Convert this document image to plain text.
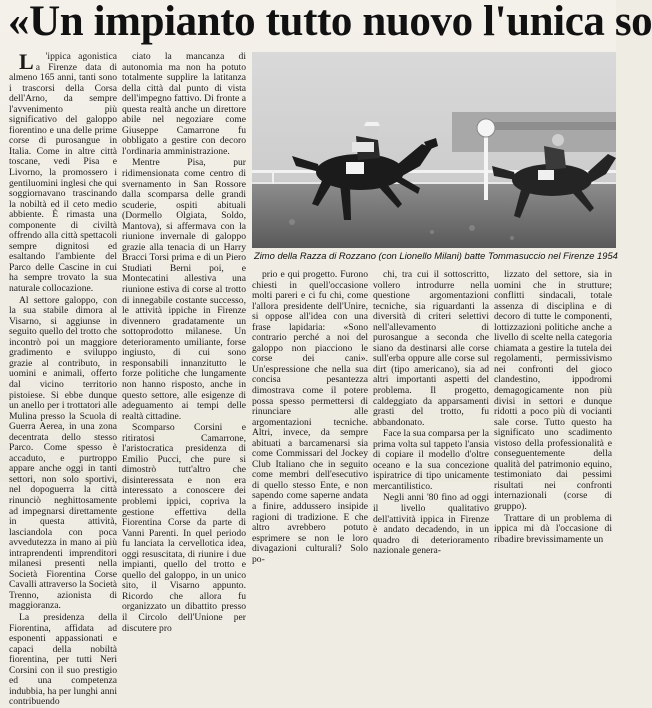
«Un impianto tutto nuovo l'unica so

L 'ippica agonistica a Firenze data di almeno 165 anni, tanti sono i trascorsi della Corsa dell'Arno, da sempre l'avvenimento più significativo del galoppo fiorentino e una delle prime corse di purosangue in Italia. Come in altre città toscane, vedi Pisa e Livorno, la promossero i gentiluomini inglesi che qui soggiornavano trascinando la nobiltà ed il ceto medio abbiente. È rimasta una componente di civiltà offrendo alla città spettacoli sempre dignitosi ed esaltando l'ambiente del Parco delle Cascine in cui ha sempre trovato la sua naturale collocazione.

Al settore galoppo, con la sua stabile dimora al Visarno, si aggiunse in seguito quello del trotto che incontrò poi un maggiore gradimento e sviluppo grazie al contributo, in uomini e animali, offerto dal vicino territorio pistoiese. Si ebbe dunque un anello per i trottatori alle Mulina presso la Scuola di Guerra Aerea, in una zona decentrata dello stesso Parco. Come spesso è accaduto, e purtroppo appare anche oggi in tanti settori, non solo sportivi, nel dopoguerra la città rinunciò neghittosamente ad impegnarsi direttamente in questa attività, lasciandola con poca avvedutezza in mano ai più intraprendenti imprenditori milanesi presenti nella Società Fiorentina Corse Cavalli attraverso la Società Trenno, azionista di maggioranza.

La presidenza della Fiorentina, affidata ad esponenti appassionati e capaci della nobiltà fiorentina, per tutti Neri Corsini con il suo prestigio ed una competenza indubbia, ha per lunghi anni contribuendo

ciato la mancanza di autonomia ma non ha potuto totalmente supplire la latitanza della città dal punto di vista dell'impegno fattivo. Di fronte a questa realtà anche un direttore abile nel negoziare come Giuseppe Camarrone fu obbligato a gestire con decoro l'ordinaria amministrazione.

Mentre Pisa, pur ridimensionata come centro di svernamento in San Rossore dalla scomparsa delle grandi scuderie, ospiti abituali (Dormello Olgiata, Soldo, Mantova), si affermava con la riunione invernale di galoppo grazie alla tenacia di un Harry Bracci Torsi prima e di un Piero Studiati Berni poi, e Montecatini allestiva una riunione estiva di corse al trotto di innegabile costante successo, le attività ippiche in Firenze divennero gradatamente un sottoprodotto milanese. Un deterioramento umiliante, forse ingiusto, di cui sono responsabili innanzitutto le forze politiche che lungamente non hanno risposto, anche in questo settore, alle esigenze di adeguamento ai tempi delle realtà cittadine.

Scomparso Corsini e ritiratosi Camarrone, l'aristocratica presidenza di Emilio Pucci, che pure si dimostrò tutt'altro che disinteressata e non era interessato a conoscere dei problemi ippici, copriva la gestione effettiva della Fiorentina Corse da parte di Vanni Parenti. In quel periodo fu lanciata la cervellotica idea, oggi resuscitata, di riunire i due impianti, quello del trotto e quello del galoppo, in un unico sito, il Visarno appunto. Ricordo che allora fu organizzato un dibattito presso il Circolo dell'Unione per discutere pro

Zimo della Razza di Rozzano (con Lionello Milani) batte Tommasuccio nel Firenze 1954

prio e qui progetto. Furono chiesti in quell'occasione molti pareri e ci fu chi, come l'allora presidente dell'Unire, si oppose all'idea con una frase lapidaria: «Sono contrario perché a noi del galoppo non piacciono le corse dei cani». Un'espressione che nella sua concisa pesantezza dimostrava come il potere possa spesso permettersi di rinunciare alle argomentazioni tecniche. Altri, invece, da sempre abituati a barcamenarsi sia come Commissari del Jockey Club Italiano che in seguito come membri dell'esecutivo di quello stesso Ente, e non sapendo come saperne andata a finire, addussero insipide ragioni di tradizione. E che altro avrebbero potuto esprimere se non le loro divagazioni culturali? Solo po-

chi, tra cui il sottoscritto, vollero introdurre nella questione argomentazioni tecniche, sia riguardanti la diversità di criteri selettivi nell'allevamento di purosangue a seconda che siano da destinarsi alle corse sull'erba oppure alle corse sul dirt (tipo americano), sia ad altri importanti aspetti del problema. Il progetto, caldeggiato da apparsamenti grasti del trotto, fu abbandonato.

Face la sua comparsa per la prima volta sul tappeto l'ansia di copiare il modello d'oltre oceano e la sua concezione ispiratrice di tipo unicamente mercantilistico.

Negli anni '80 fino ad oggi il livello qualitativo dell'attività ippica in Firenze è andato decadendo, in un quadro di deterioramento nazionale genera-

lizzato del settore, sia in uomini che in strutture; conflitti sindacali, totale assenza di disciplina e di decoro di tutte le componenti, lottizzazioni politiche anche a livello di scelte nella categoria chiamata a gestire la tutela dei regolamenti, permissivismo nei confronti del gioco clandestino, ippodromi demagogicamente non più divisi in settori e dunque ridotti a poco più di vocianti sale corse. Tutto questo ha significato uno scadimento vistoso della professionalità e conseguentemente della qualità del patrimonio equino, testimoniato dai pessimi risultati nei confronti internazionali (corse di gruppo).

Trattare di un problema di ippica mi dà l'occasione di ribadire brevissimamente un
